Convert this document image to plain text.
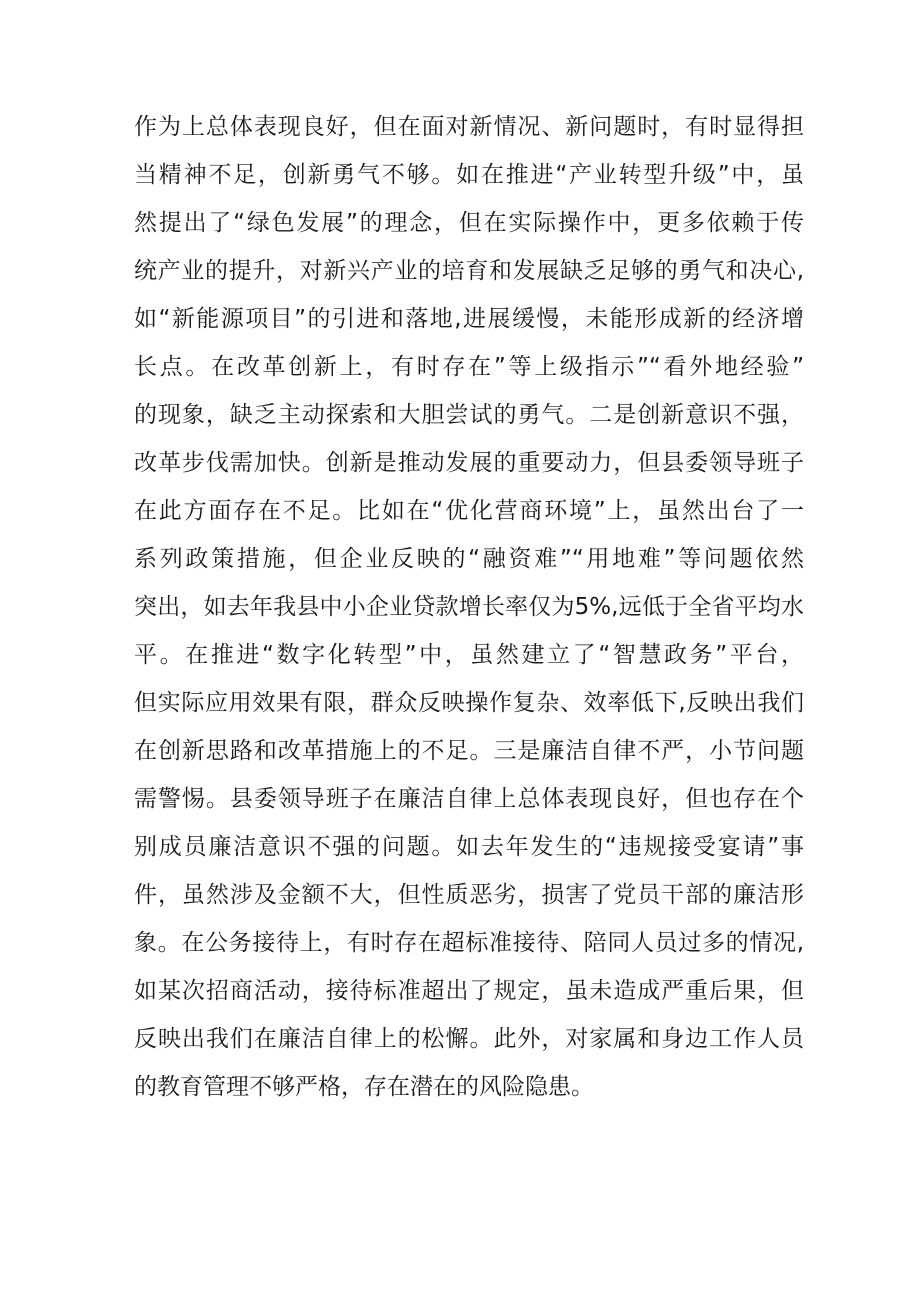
作为上总体表现良好，但在面对新情况、新问题时，有时显得担
当精神不足，创新勇气不够。如在推进“产业转型升级”中，虽
然提出了“绿色发展”的理念，但在实际操作中，更多依赖于传
统产业的提升，对新兴产业的培育和发展缺乏足够的勇气和决心,
如“新能源项目”的引进和落地,进展缓慢，未能形成新的经济增
长点。在改革创新上，有时存在”等上级指示”“看外地经验”
的现象，缺乏主动探索和大胆尝试的勇气。二是创新意识不强，
改革步伐需加快。创新是推动发展的重要动力，但县委领导班子
在此方面存在不足。比如在“优化营商环境”上，虽然出台了一
系列政策措施，但企业反映的“融资难”“用地难”等问题依然
突出，如去年我县中小企业贷款增长率仅为5%,远低于全省平均水
平。在推进“数字化转型”中，虽然建立了“智慧政务”平台，
但实际应用效果有限，群众反映操作复杂、效率低下,反映出我们
在创新思路和改革措施上的不足。三是廉洁自律不严，小节问题
需警惕。县委领导班子在廉洁自律上总体表现良好，但也存在个
别成员廉洁意识不强的问题。如去年发生的“违规接受宴请”事
件，虽然涉及金额不大，但性质恶劣，损害了党员干部的廉洁形
象。在公务接待上，有时存在超标准接待、陪同人员过多的情况,
如某次招商活动，接待标准超出了规定，虽未造成严重后果，但
反映出我们在廉洁自律上的松懈。此外，对家属和身边工作人员
的教育管理不够严格，存在潜在的风险隐患。
